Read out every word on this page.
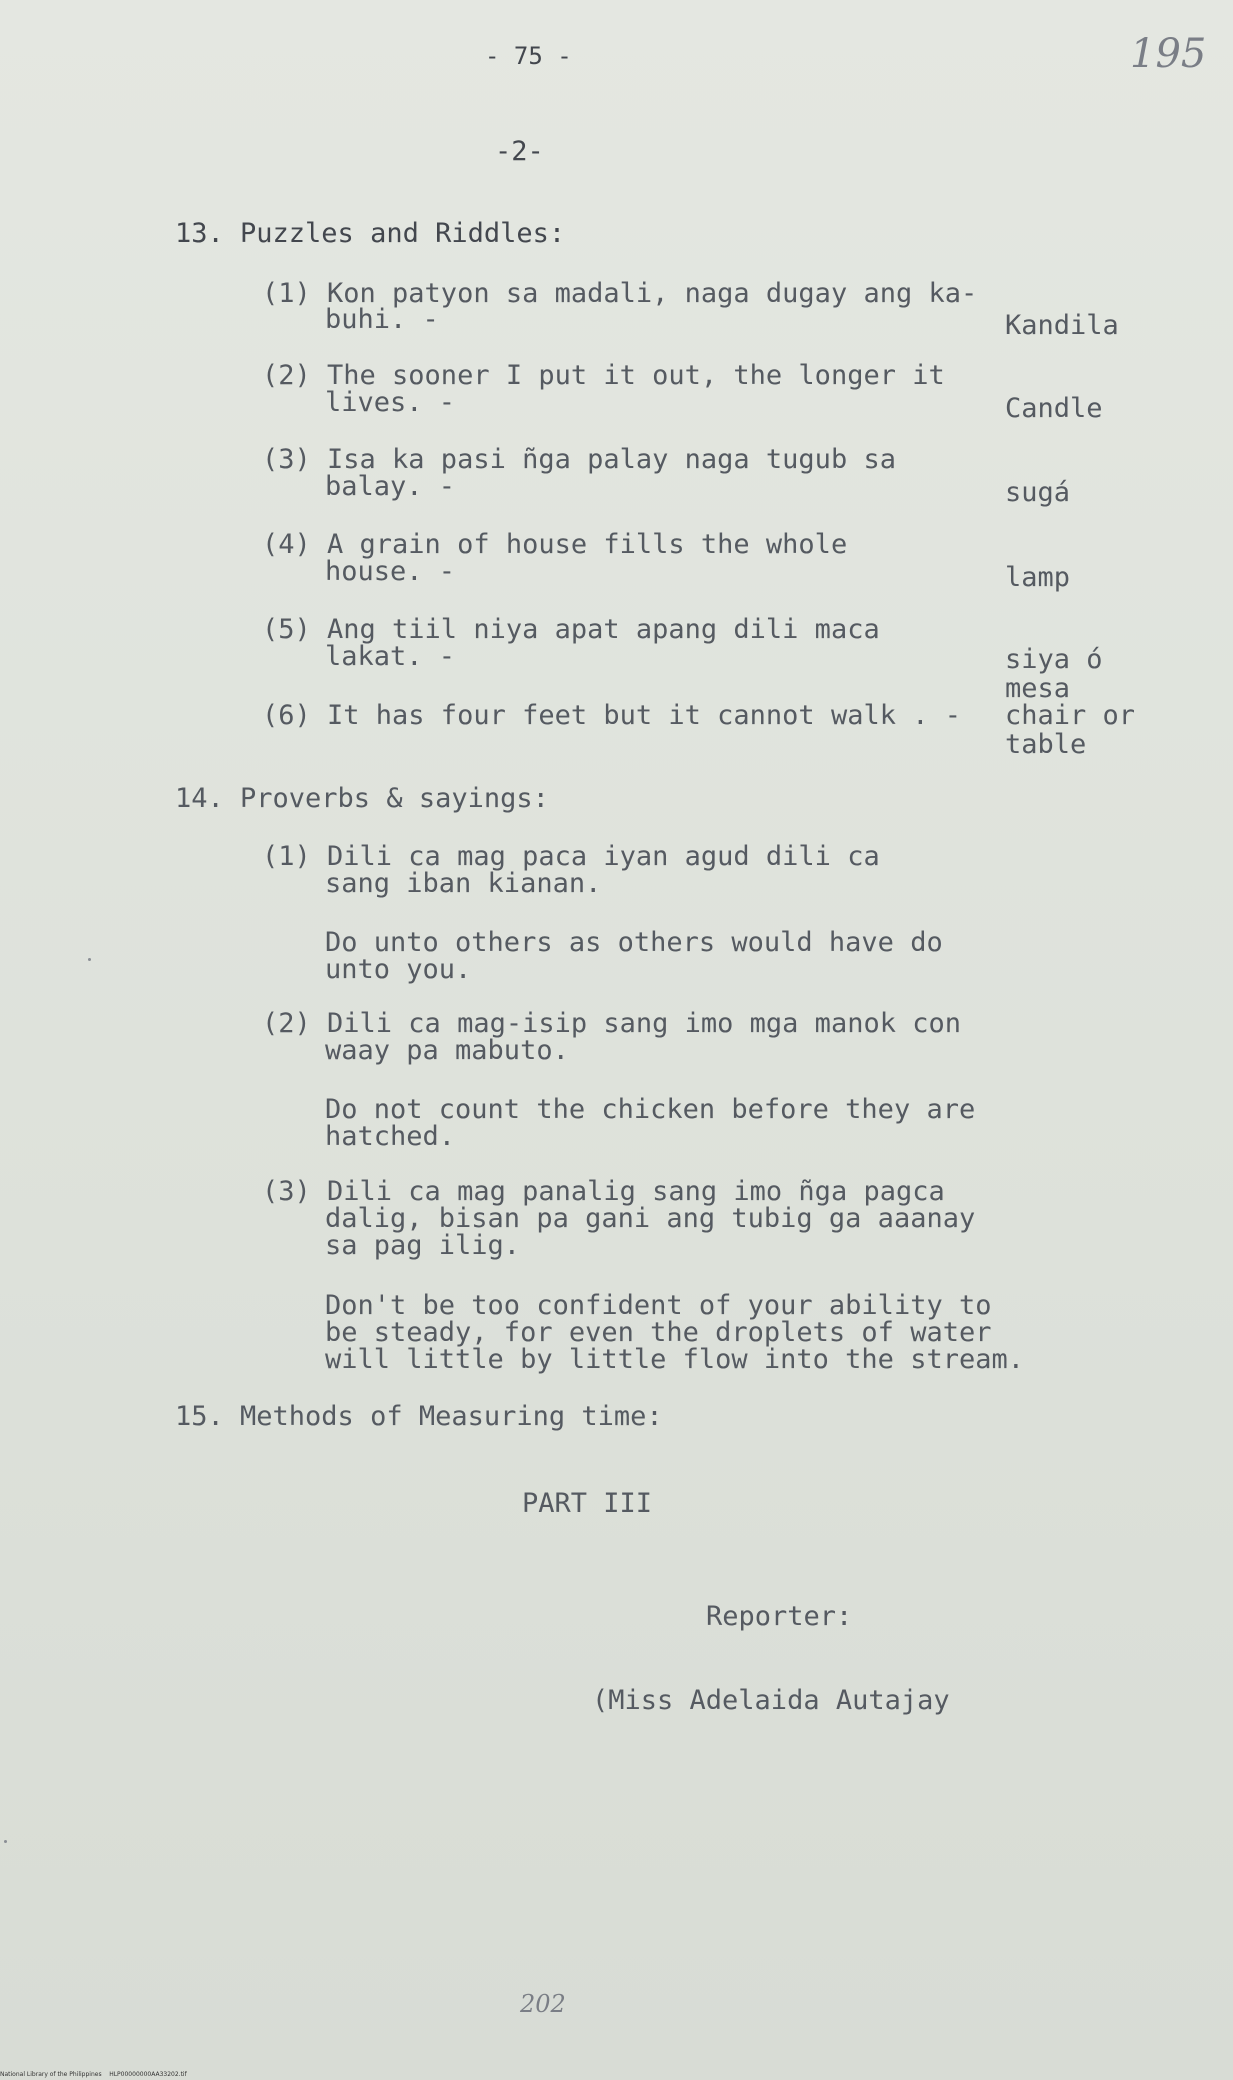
- 75 -	195
-2-
13. Puzzles and Riddles:
(1) Kon patyon sa madali, naga dugay ang ka-
buhi. -	Kandila
(2) The sooner I put it out, the longer it
lives. -	Candle
(3) Isa ka pasi ñga palay naga tugub sa
balay. -	sugá
(4) A grain of house fills the whole
house. -	lamp
(5) Ang tiil niya apat apang dili maca
lakat. -	siya ó
mesa
(6) It has four feet but it cannot walk . - chair or
table
14. Proverbs & sayings:
(1) Dili ca mag paca iyan agud dili ca
sang iban kianan.
Do unto others as others would have do
unto you.
(2) Dili ca mag-isip sang imo mga manok con
waay pa mabuto.
Do not count the chicken before they are
hatched.
(3) Dili ca mag panalig sang imo ñga pagca
dalig, bisan pa gani ang tubig ga aaanay
sa pag ilig.
Don't be too confident of your ability to
be steady, for even the droplets of water
will little by little flow into the stream.
15. Methods of Measuring time:
PART III
Reporter:
(Miss Adelaida Autajay
202
National Library of the Philippines    HLP00000000AA33202.tif
